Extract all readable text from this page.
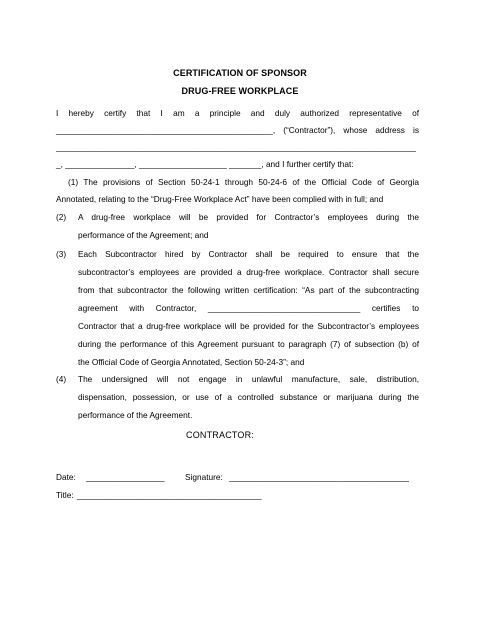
CERTIFICATION OF SPONSOR
DRUG-FREE WORKPLACE
I hereby certify that I am a principle and duly authorized representative of
_______________________________________________, (“Contractor”), whose address is
______________________________________________________________________________
_, _______________, ___________________ _______, and I further certify that:
(1) The provisions of Section 50-24-1 through 50-24-6 of the Official Code of Georgia
Annotated, relating to the “Drug-Free Workplace Act” have been complied with in full; and
(2) A drug-free workplace will be provided for Contractor’s employees during the
performance of the Agreement; and
(3) Each Subcontractor hired by Contractor shall be required to ensure that the
subcontractor’s employees are provided a drug-free workplace. Contractor shall secure
from that subcontractor the following written certification: “As part of the subcontracting
agreement with Contractor, _________________________________ certifies to
Contractor that a drug-free workplace will be provided for the Subcontractor’s employees
during the performance of this Agreement pursuant to paragraph (7) of subsection (b) of
the Official Code of Georgia Annotated, Section 50-24-3”; and
(4) The undersigned will not engage in unlawful manufacture, sale, distribution,
dispensation, possession, or use of a controlled substance or marijuana during the
performance of the Agreement.
CONTRACTOR:
Date: _________________ Signature: _______________________________________
Title: ________________________________________
